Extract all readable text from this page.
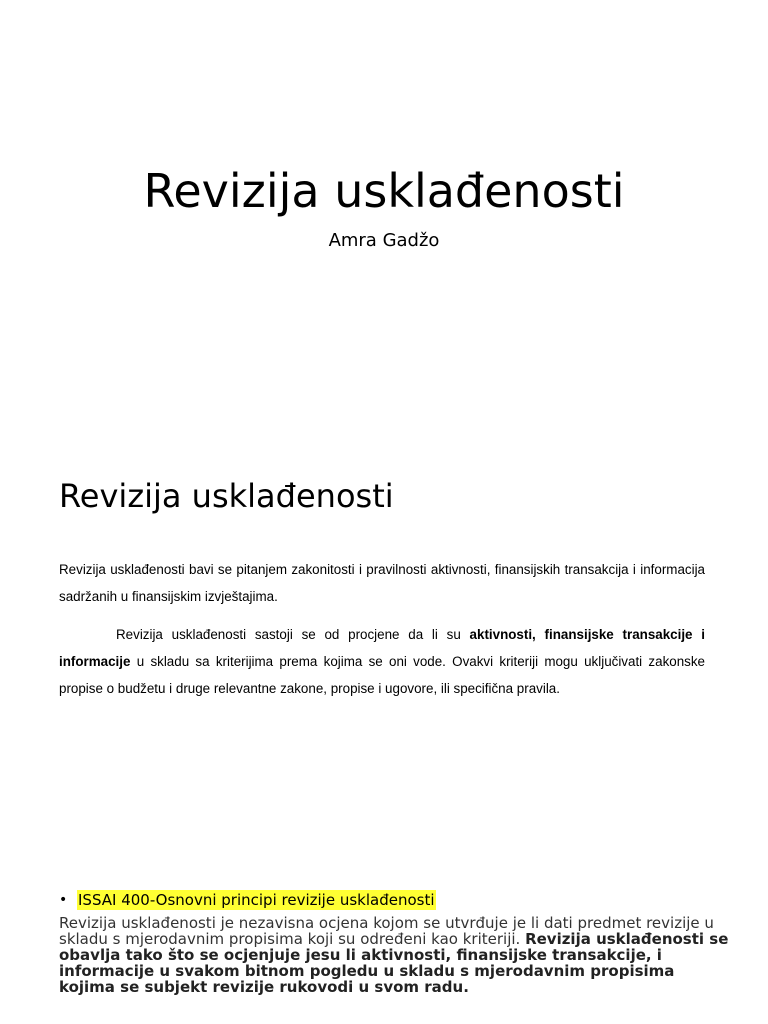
Revizija usklađenosti
Amra Gadžo
Revizija usklađenosti

Revizija usklađenosti bavi se pitanjem zakonitosti i pravilnosti aktivnosti, finansijskih transakcija i informacija sadržanih u finansijskim izvještajima.

Revizija usklađenosti sastoji se od procjene da li su aktivnosti, finansijske transakcije i informacije u skladu sa kriterijima prema kojima se oni vode. Ovakvi kriteriji mogu uključivati zakonske propise o budžetu i druge relevantne zakone, propise i ugovore, ili specifična pravila.

• ISSAI 400-Osnovni principi revizije usklađenosti

Revizija usklađenosti je nezavisna ocjena kojom se utvrđuje je li dati predmet revizije u skladu s mjerodavnim propisima koji su određeni kao kriteriji. Revizija usklađenosti se obavlja tako što se ocjenjuje jesu li aktivnosti, finansijske transakcije, i informacije u svakom bitnom pogledu u skladu s mjerodavnim propisima kojima se subjekt revizije rukovodi u svom radu.
